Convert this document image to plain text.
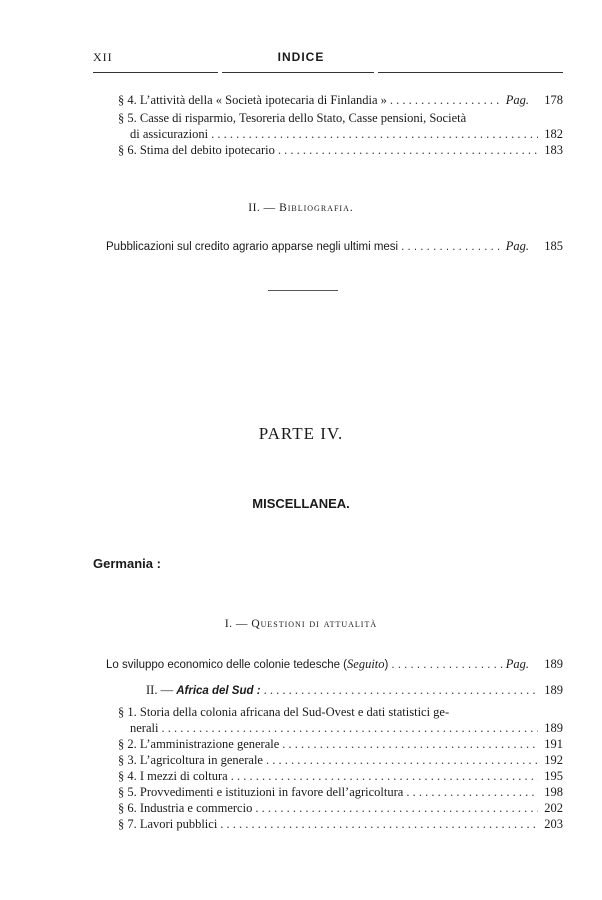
XII	INDICE
§ 4. L’attività della « Società ipotecaria di Finlandia » . . .	Pag. 178
§ 5. Casse di risparmio, Tesoreria dello Stato, Casse pensioni, Società
di assicurazioni . . .	182
§ 6. Stima del debito ipotecario . . .	183
II. — Bibliografia.
Pubblicazioni sul credito agrario apparse negli ultimi mesi . . .	Pag. 185
PARTE IV.
MISCELLANEA.
Germania :
I. — Questioni di attualità
Lo sviluppo economico delle colonie tedesche ( Seguito ) . . .	Pag. 189
II. —
Africa del Sud : . . .	189
§ 1. Storia della colonia africana del Sud-Ovest e dati statistici ge-
nerali . . .	189
§ 2. L’amministrazione generale . . .	191
§ 3. L’agricoltura in generale . . .	192
§ 4. I mezzi di coltura . . .	195
§ 5. Provvedimenti e istituzioni in favore dell’agricoltura . . .	198
§ 6. Industria e commercio . . .	202
§ 7. Lavori pubblici . . .	203
